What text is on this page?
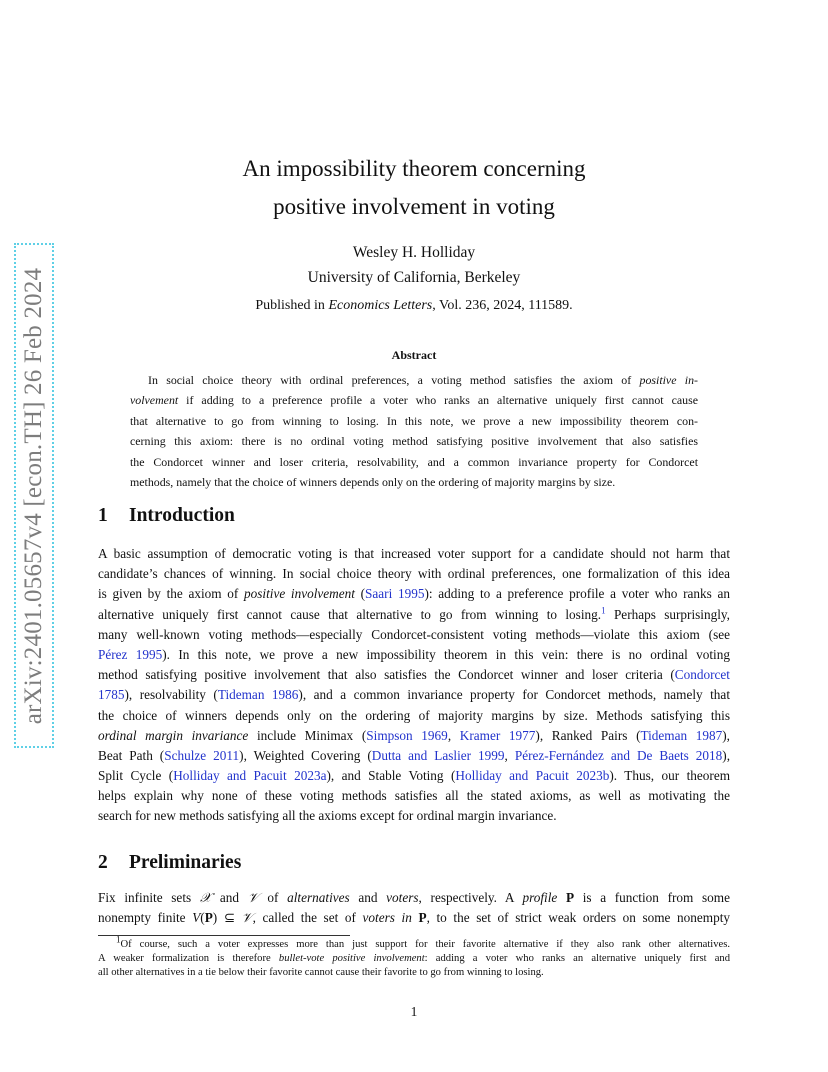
arXiv:2401.05657v4 [econ.TH] 26 Feb 2024
An impossibility theorem concerning
positive involvement in voting
Wesley H. Holliday
University of California, Berkeley
Published in Economics Letters, Vol. 236, 2024, 111589.
Abstract
In social choice theory with ordinal preferences, a voting method satisfies the axiom of positive in-
volvement if adding to a preference profile a voter who ranks an alternative uniquely first cannot cause
that alternative to go from winning to losing. In this note, we prove a new impossibility theorem con-
cerning this axiom: there is no ordinal voting method satisfying positive involvement that also satisfies
the Condorcet winner and loser criteria, resolvability, and a common invariance property for Condorcet
methods, namely that the choice of winners depends only on the ordering of majority margins by size.
1 Introduction
A basic assumption of democratic voting is that increased voter support for a candidate should not harm that
candidate’s chances of winning. In social choice theory with ordinal preferences, one formalization of this idea
is given by the axiom of positive involvement (Saari 1995): adding to a preference profile a voter who ranks an
alternative uniquely first cannot cause that alternative to go from winning to losing.$^1$ Perhaps surprisingly,
many well-known voting methods—especially Condorcet-consistent voting methods—violate this axiom (see
Pérez 1995). In this note, we prove a new impossibility theorem in this vein: there is no ordinal voting
method satisfying positive involvement that also satisfies the Condorcet winner and loser criteria (Condorcet
1785), resolvability (Tideman 1986), and a common invariance property for Condorcet methods, namely that
the choice of winners depends only on the ordering of majority margins by size. Methods satisfying this
ordinal margin invariance include Minimax (Simpson 1969, Kramer 1977), Ranked Pairs (Tideman 1987),
Beat Path (Schulze 2011), Weighted Covering (Dutta and Laslier 1999, Pérez-Fernández and De Baets 2018),
Split Cycle (Holliday and Pacuit 2023a), and Stable Voting (Holliday and Pacuit 2023b). Thus, our theorem
helps explain why none of these voting methods satisfies all the stated axioms, as well as motivating the
search for new methods satisfying all the axioms except for ordinal margin invariance.
2 Preliminaries
Fix infinite sets 𝒳 and 𝒱 of alternatives and voters, respectively. A profile P is a function from some
nonempty finite V(P) ⊆ 𝒱, called the set of voters in P, to the set of strict weak orders on some nonempty
$^1$Of course, such a voter expresses more than just support for their favorite alternative if they also rank other alternatives.
A weaker formalization is therefore bullet-vote positive involvement: adding a voter who ranks an alternative uniquely first and
all other alternatives in a tie below their favorite cannot cause their favorite to go from winning to losing.
1
